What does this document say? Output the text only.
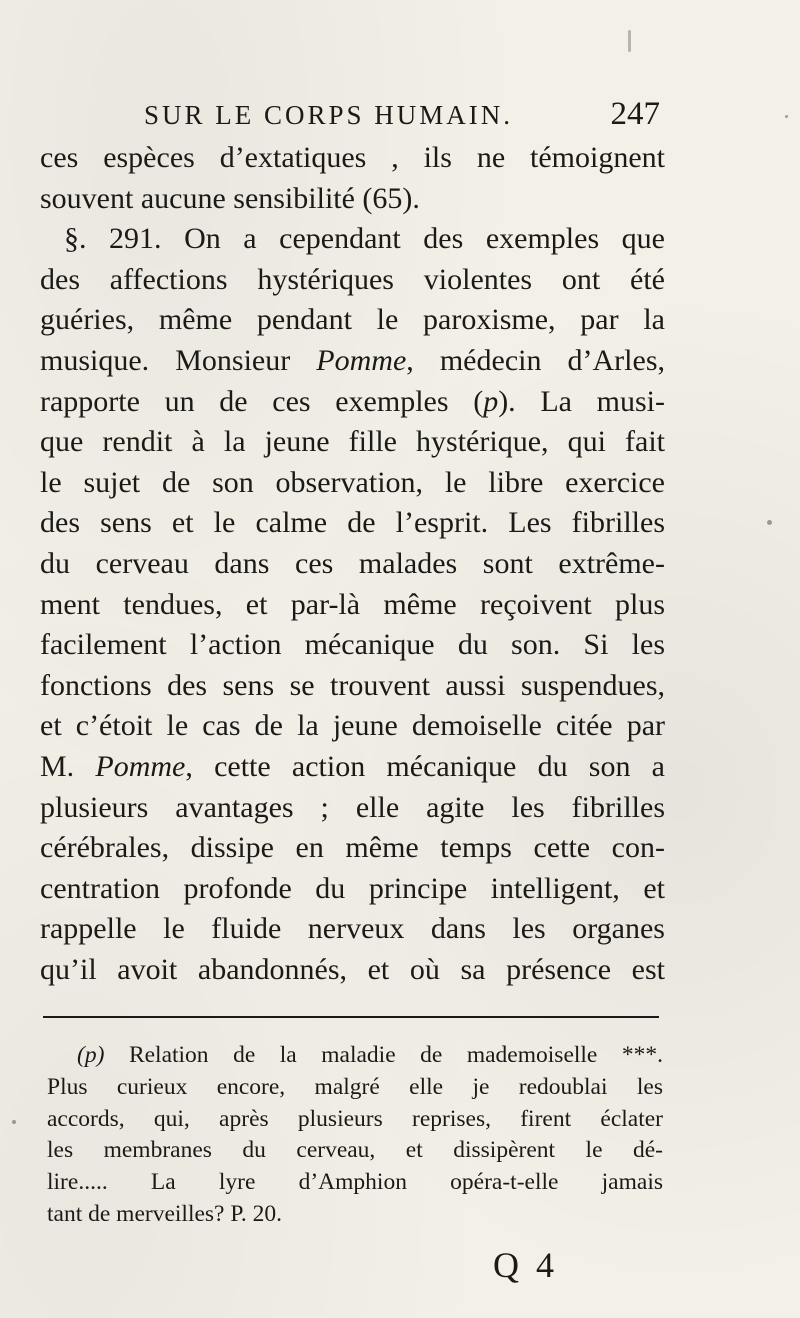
SUR LE CORPS HUMAIN.	247
ces espèces d’extatiques , ils ne témoignent
souvent aucune sensibilité (65).
§. 291. On a cependant des exemples que
des affections hystériques violentes ont été
guéries, même pendant le paroxisme, par la
musique. Monsieur Pomme, médecin d’Arles,
rapporte un de ces exemples (p). La musi-
que rendit à la jeune fille hystérique, qui fait
le sujet de son observation, le libre exercice
des sens et le calme de l’esprit. Les fibrilles
du cerveau dans ces malades sont extrême-
ment tendues, et par-là même reçoivent plus
facilement l’action mécanique du son. Si les
fonctions des sens se trouvent aussi suspendues,
et c’étoit le cas de la jeune demoiselle citée par
M. Pomme, cette action mécanique du son a
plusieurs avantages ; elle agite les fibrilles
cérébrales, dissipe en même temps cette con-
centration profonde du principe intelligent, et
rappelle le fluide nerveux dans les organes
qu’il avoit abandonnés, et où sa présence est
(p) Relation de la maladie de mademoiselle ***.
Plus curieux encore, malgré elle je redoublai les
accords, qui, après plusieurs reprises, firent éclater
les membranes du cerveau, et dissipèrent le dé-
lire..... La lyre d’Amphion opéra-t-elle jamais
tant de merveilles? P. 20.
Q 4
